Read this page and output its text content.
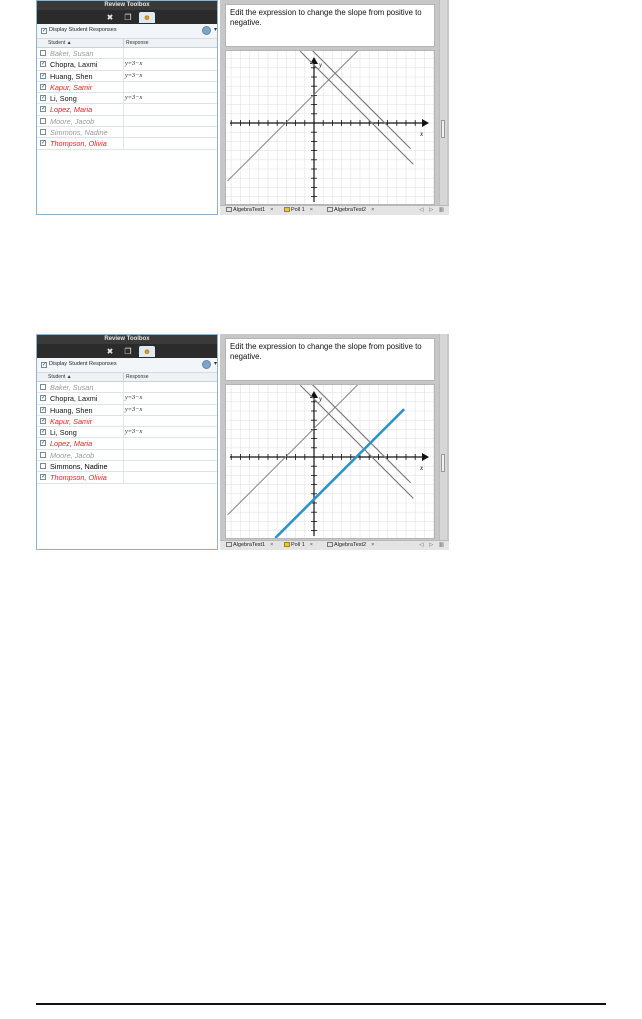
Review Toolbox
✖	❐	☻
✓ Display Student Responses
▾
Student ▲	Response
Baker, Susan
✓ Chopra, Laxmi	y=3−x
✓ Huang, Shen	y=3−x
✓ Kapur, Samir
✓ Li, Song	y=3−x
✓ Lopez, Maria
Moore, Jacob
Simmons, Nadine
✓ Thompson, Olivia
Edit the expression to change the slope from positive to negative.
x
y
AlgebraTest1 ×	Poll 1 ×	AlgebraTest2 ×	◁ ▷ ▥
Review Toolbox
✖	❐	☻
✓ Display Student Responses
▾
Student ▲	Response
Baker, Susan
✓ Chopra, Laxmi	y=3−x
✓ Huang, Shen	y=3−x
✓ Kapur, Samir
✓ Li, Song	y=3−x
✓ Lopez, Maria
Moore, Jacob
Simmons, Nadine
✓ Thompson, Olivia
Edit the expression to change the slope from positive to negative.
x
y
AlgebraTest1 ×	Poll 1 ×	AlgebraTest2 ×	◁ ▷ ▥
